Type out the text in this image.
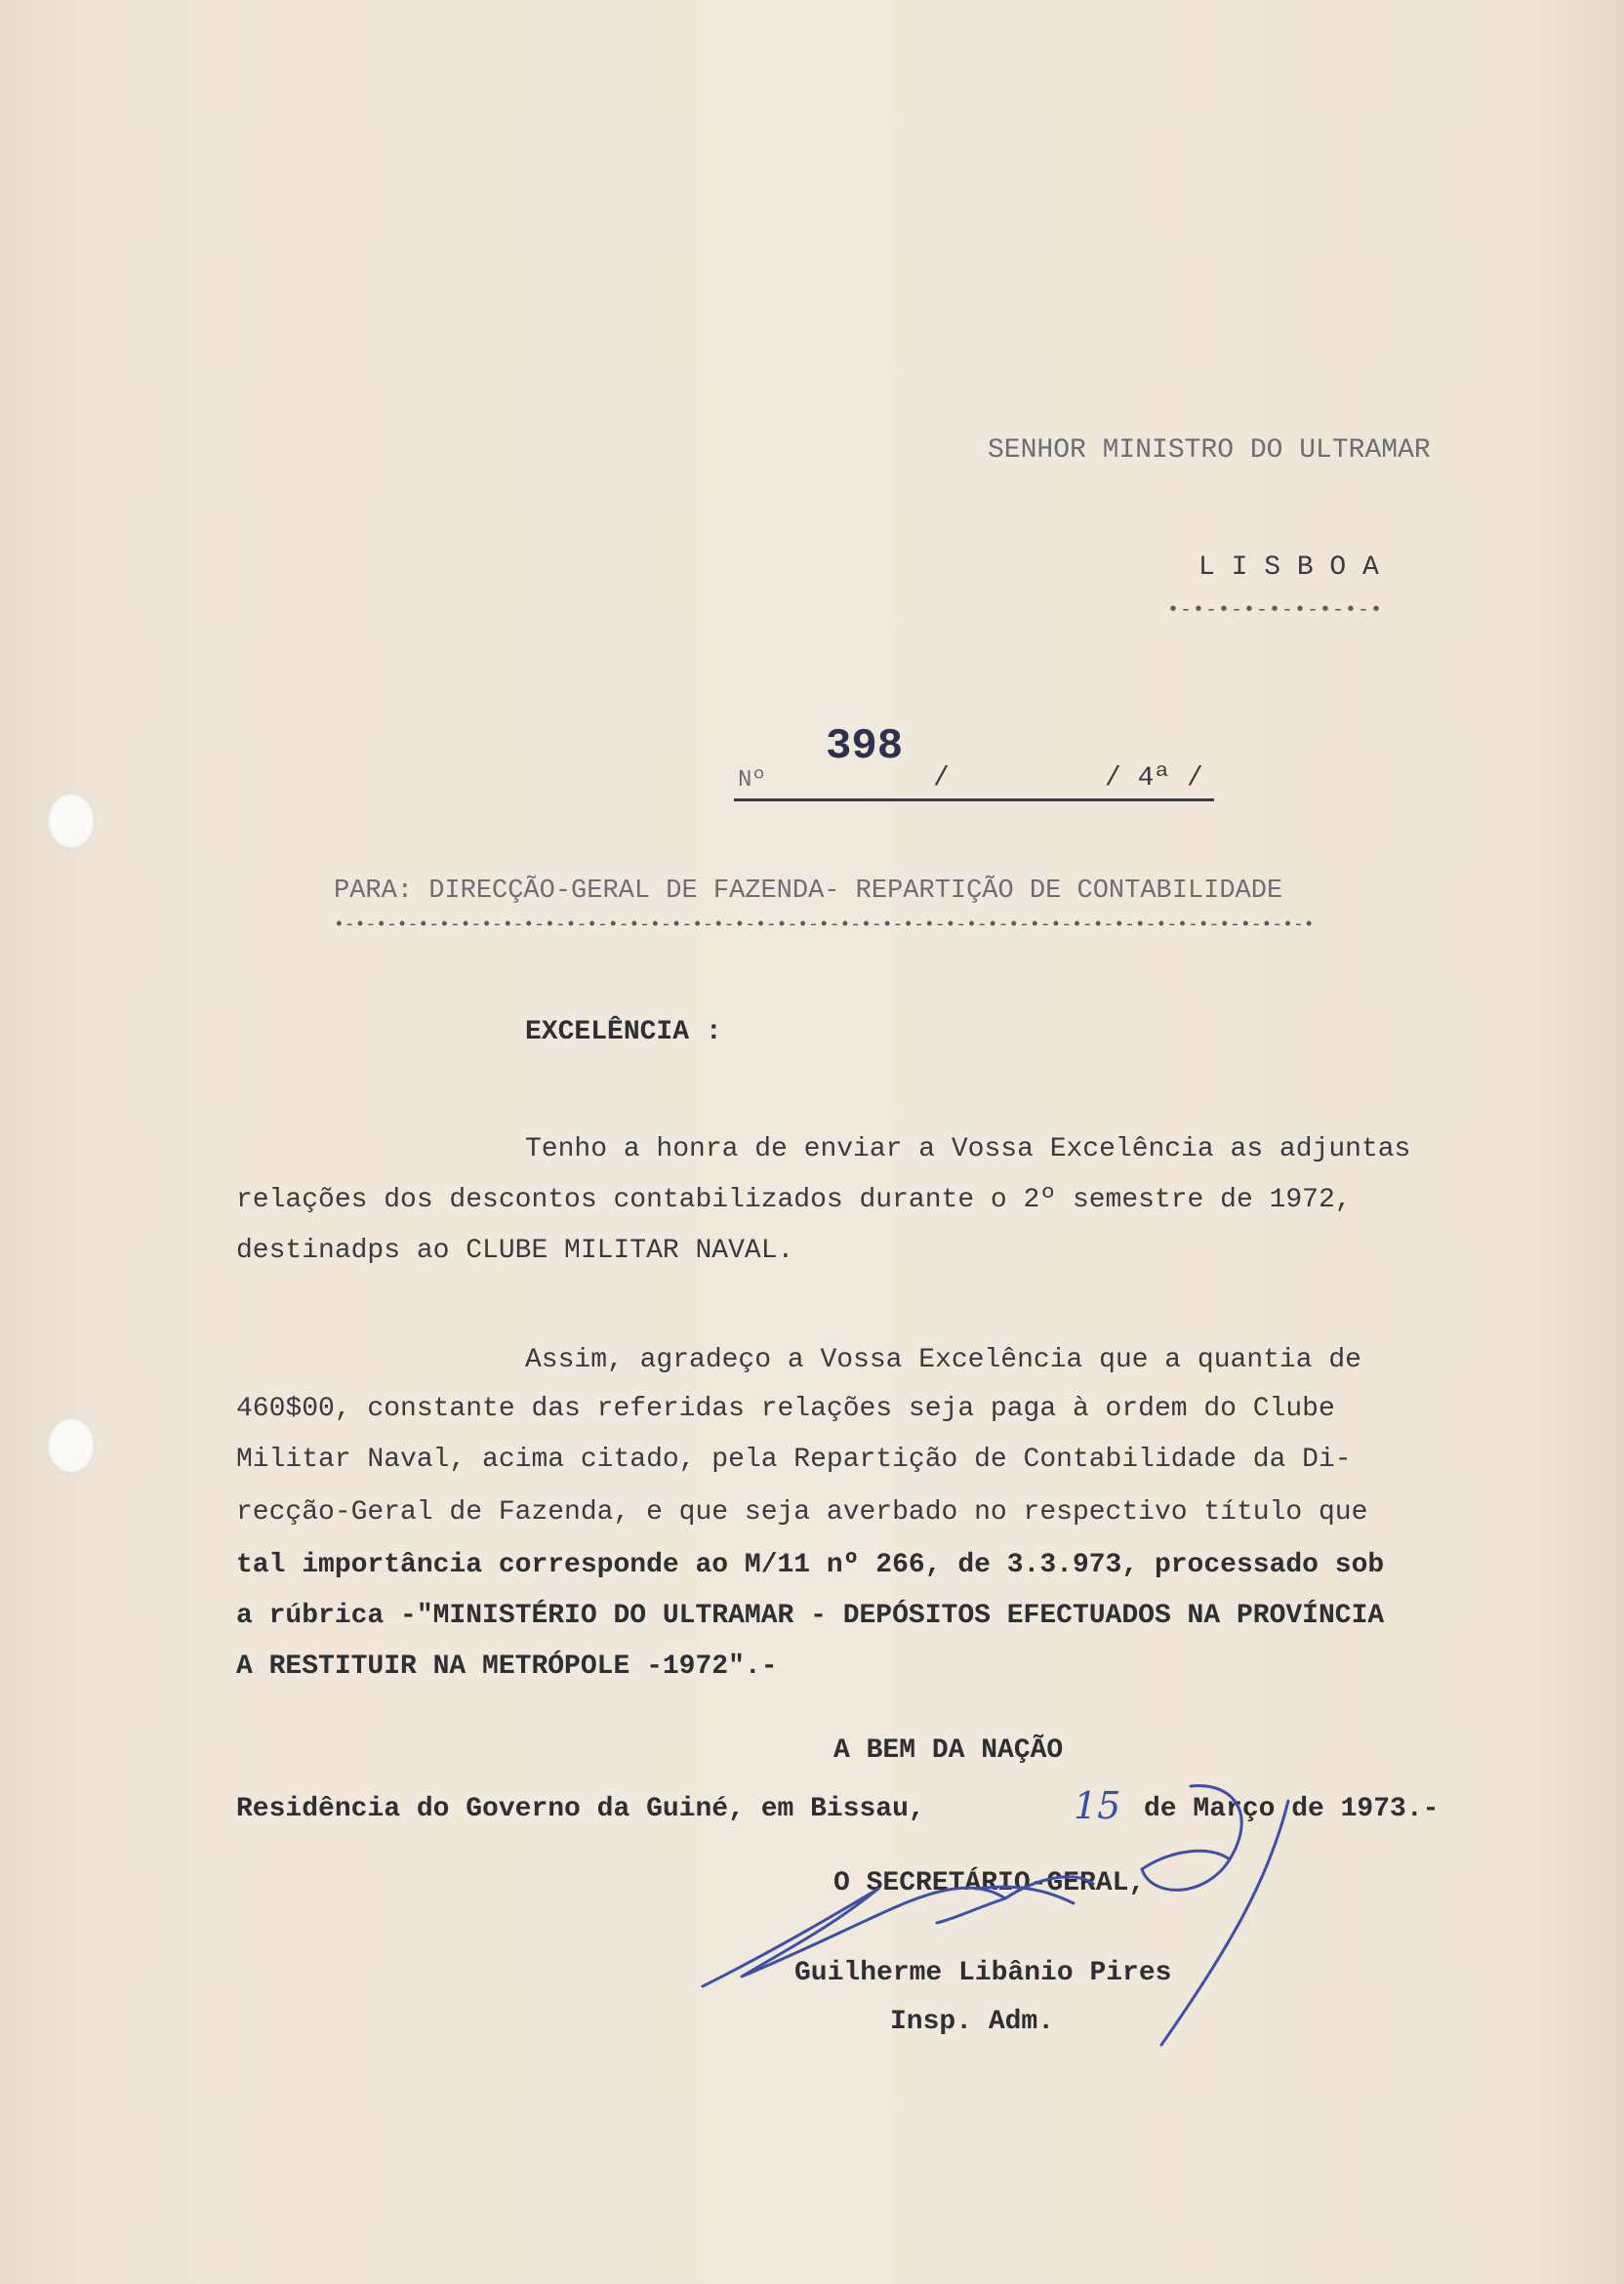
SENHOR MINISTRO DO ULTRAMAR
L I S B O A
•-•-•-•-•-•-•-•-•
398
Nº	/	/ 4ª /
PARA: DIRECÇÃO-GERAL DE FAZENDA- REPARTIÇÃO DE CONTABILIDADE
•-•-•-•-•-•-•-•-•-•-•-•-•-•-•-•-•-•-•-•-•-•-•-•-•-•-•-•-•-•-•-•-•-•-•-•-•-•-•-•-•-•-•-•-•-•-•
EXCELÊNCIA :
Tenho a honra de enviar a Vossa Excelência as adjuntas
relações dos descontos contabilizados durante o 2º semestre de 1972,
destinadps ao CLUBE MILITAR NAVAL.
Assim, agradeço a Vossa Excelência que a quantia de
460$00, constante das referidas relações seja paga à ordem do Clube
Militar Naval, acima citado, pela Repartição de Contabilidade da Di-
recção-Geral de Fazenda, e que seja averbado no respectivo título que
tal importância corresponde ao M/11 nº 266, de 3.3.973, processado sob
a rúbrica -"MINISTÉRIO DO ULTRAMAR - DEPÓSITOS EFECTUADOS NA PROVÍNCIA
A RESTITUIR NA METRÓPOLE -1972".-
A BEM DA NAÇÃO
Residência do Governo da Guiné, em Bissau,	15 de Março de 1973.-
O SECRETÁRIO-GERAL,
Guilherme Libânio Pires
Insp. Adm.
